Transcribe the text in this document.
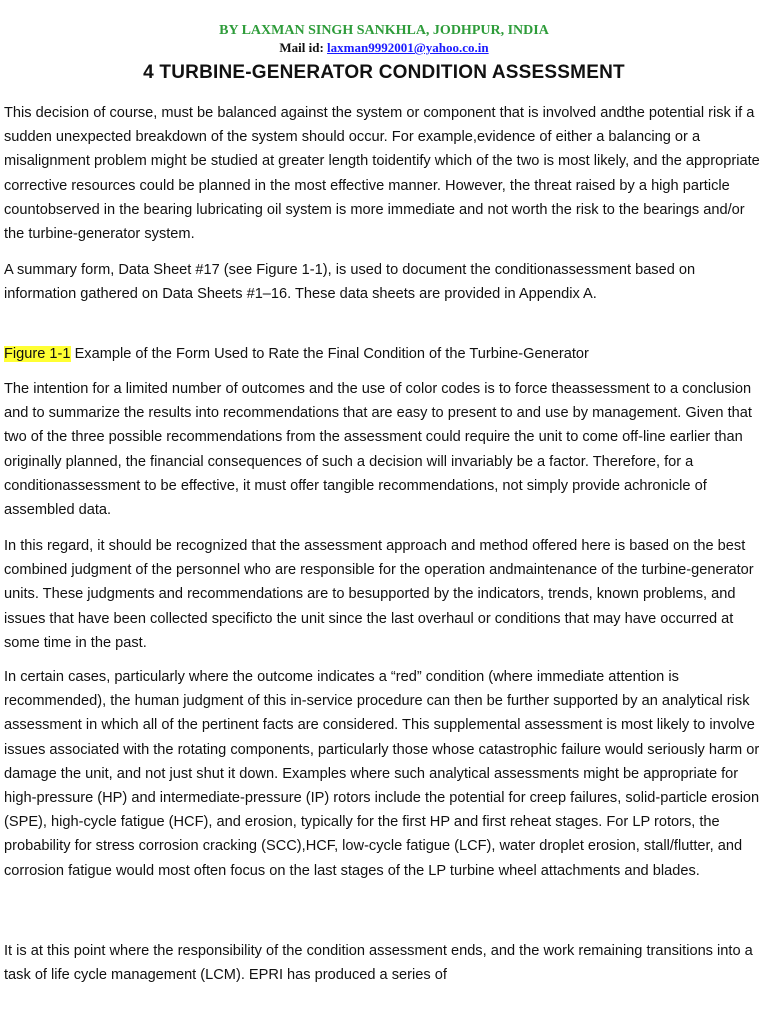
BY LAXMAN SINGH SANKHLA, JODHPUR, INDIA
Mail id: laxman9992001@yahoo.co.in
4 TURBINE-GENERATOR CONDITION ASSESSMENT

This decision of course, must be balanced against the system or component that is involved andthe potential risk if a sudden unexpected breakdown of the system should occur. For example,evidence of either a balancing or a misalignment problem might be studied at greater length toidentify which of the two is most likely, and the appropriate corrective resources could be planned in the most effective manner. However, the threat raised by a high particle countobserved in the bearing lubricating oil system is more immediate and not worth the risk to the bearings and/or the turbine-generator system.

A summary form, Data Sheet #17 (see Figure 1-1), is used to document the conditionassessment based on information gathered on Data Sheets #1–16. These data sheets are provided in Appendix A.

Figure 1-1 Example of the Form Used to Rate the Final Condition of the Turbine-Generator

The intention for a limited number of outcomes and the use of color codes is to force theassessment to a conclusion and to summarize the results into recommendations that are easy to present to and use by management. Given that two of the three possible recommendations from the assessment could require the unit to come off-line earlier than originally planned, the financial consequences of such a decision will invariably be a factor. Therefore, for a conditionassessment to be effective, it must offer tangible recommendations, not simply provide achronicle of assembled data.

In this regard, it should be recognized that the assessment approach and method offered here is based on the best combined judgment of the personnel who are responsible for the operation andmaintenance of the turbine-generator units. These judgments and recommendations are to besupported by the indicators, trends, known problems, and issues that have been collected specificto the unit since the last overhaul or conditions that may have occurred at some time in the past.

In certain cases, particularly where the outcome indicates a “red” condition (where immediate attention is recommended), the human judgment of this in-service procedure can then be further supported by an analytical risk assessment in which all of the pertinent facts are considered. This supplemental assessment is most likely to involve issues associated with the rotating components, particularly those whose catastrophic failure would seriously harm or damage the unit, and not just shut it down. Examples where such analytical assessments might be appropriate for high-pressure (HP) and intermediate-pressure (IP) rotors include the potential for creep failures, solid-particle erosion (SPE), high-cycle fatigue (HCF), and erosion, typically for the first HP and first reheat stages. For LP rotors, the probability for stress corrosion cracking (SCC),HCF, low-cycle fatigue (LCF), water droplet erosion, stall/flutter, and corrosion fatigue would most often focus on the last stages of the LP turbine wheel attachments and blades.

It is at this point where the responsibility of the condition assessment ends, and the work remaining transitions into a task of life cycle management (LCM). EPRI has produced a series of
